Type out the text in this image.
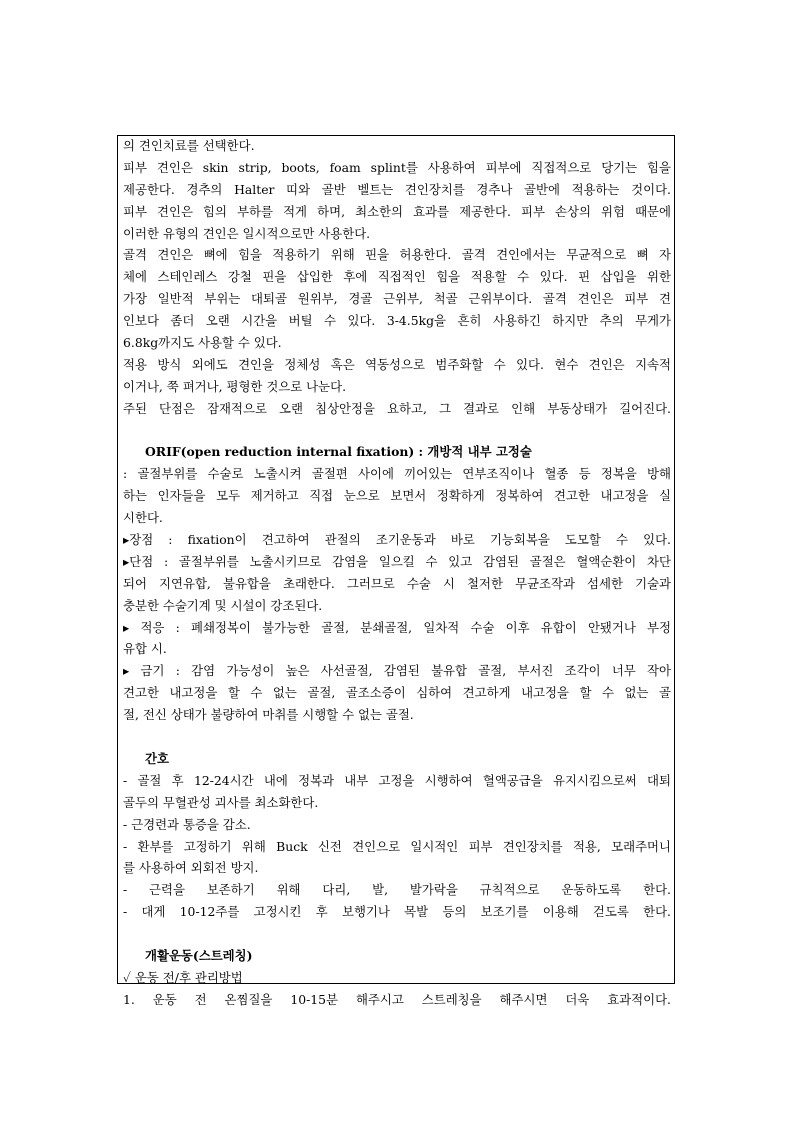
의 견인치료를 선택한다.
피부 견인은 skin strip, boots, foam splint를 사용하여 피부에 직접적으로 당기는 힘을
제공한다. 경추의 Halter 띠와 골반 벨트는 견인장치를 경추나 골반에 적용하는 것이다.
피부 견인은 힘의 부하를 적게 하며, 최소한의 효과를 제공한다. 피부 손상의 위험 때문에
이러한 유형의 견인은 일시적으로만 사용한다.
골격 견인은 뼈에 힘을 적용하기 위해 핀을 허용한다. 골격 견인에서는 무균적으로 뼈 자
체에 스테인레스 강철 핀을 삽입한 후에 직접적인 힘을 적용할 수 있다. 핀 삽입을 위한
가장 일반적 부위는 대퇴골 원위부, 경골 근위부, 척골 근위부이다. 골격 견인은 피부 견
인보다 좀더 오랜 시간을 버틸 수 있다. 3-4.5kg을 흔히 사용하긴 하지만 추의 무게가
6.8kg까지도 사용할 수 있다.
적용 방식 외에도 견인을 정체성 혹은 역동성으로 범주화할 수 있다. 현수 견인은 지속적
이거나, 쭉 펴거나, 평형한 것으로 나눈다.
주된 단점은 잠재적으로 오랜 침상안정을 요하고, 그 결과로 인해 부동상태가 길어진다.
ORIF(open reduction internal fixation) : 개방적 내부 고정술
: 골절부위를 수술로 노출시켜 골절편 사이에 끼어있는 연부조직이나 혈종 등 정복을 방해
하는 인자들을 모두 제거하고 직접 눈으로 보면서 정확하게 정복하여 견고한 내고정을 실
시한다.
▸장점 : fixation이 견고하여 관절의 조기운동과 바로 기능회복을 도모할 수 있다.
▸단점 : 골절부위를 노출시키므로 감염을 일으킬 수 있고 감염된 골절은 혈액순환이 차단
되어 지연유합, 불유합을 초래한다. 그러므로 수술 시 철저한 무균조작과 섬세한 기술과
충분한 수술기계 및 시설이 강조된다.
▸ 적응 : 폐쇄정복이 불가능한 골절, 분쇄골절, 일차적 수술 이후 유합이 안됐거나 부정
유합 시.
▸ 금기 : 감염 가능성이 높은 사선골절, 감염된 불유합 골절, 부서진 조각이 너무 작아
견고한 내고정을 할 수 없는 골절, 골조소증이 심하여 견고하게 내고정을 할 수 없는 골
절, 전신 상태가 불량하여 마취를 시행할 수 없는 골절.
간호
- 골절 후 12-24시간 내에 정복과 내부 고정을 시행하여 혈액공급을 유지시킴으로써 대퇴
골두의 무혈관성 괴사를 최소화한다.
- 근경련과 통증을 감소.
- 환부를 고정하기 위해 Buck 신전 견인으로 일시적인 피부 견인장치를 적용, 모래주머니
를 사용하여 외회전 방지.
- 근력을 보존하기 위해 다리, 발, 발가락을 규칙적으로 운동하도록 한다.
- 대게 10-12주를 고정시킨 후 보행기나 목발 등의 보조기를 이용해 걷도록 한다.
개활운동(스트레칭)
✓ 운동 전/후 관리방법
1. 운동 전 온찜질을 10-15분 해주시고 스트레칭을 해주시면 더욱 효과적이다.
